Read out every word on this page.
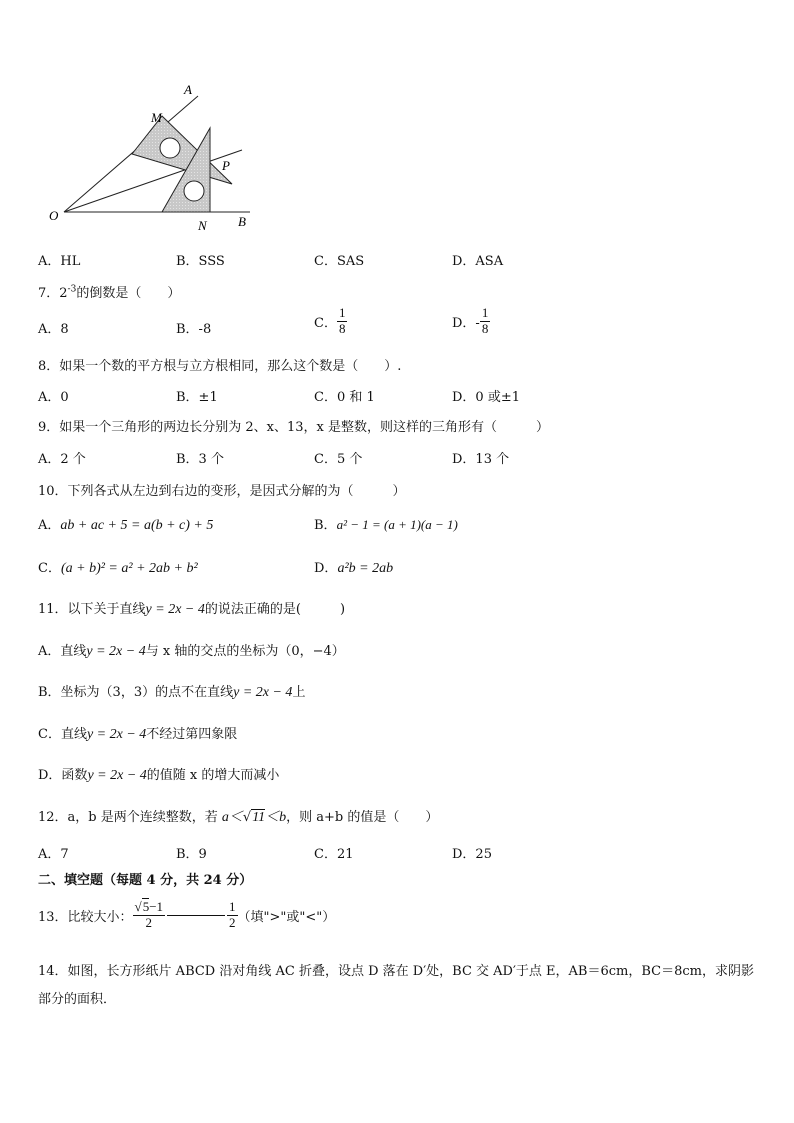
A
M
P
O
N B
A．HL	B．SSS	C．SAS	D．ASA
7．$2^{-3}$的倒数是（　　）
A．8	B．-8	C． $\frac{1}{8}$	D．- $\frac{1}{8}$
8．如果一个数的平方根与立方根相同，那么这个数是（　　）.
A．0	B．±1	C．0 和 1	D．0 或±1
9．如果一个三角形的两边长分别为 2、x、13，x 是整数，则这样的三角形有（　　　）
A．2 个	B．3 个	C．5 个	D．13 个
10．下列各式从左边到右边的变形，是因式分解的为（　　　）
A．ab + ac + 5 = a(b + c) + 5	B．a² − 1 = (a + 1)(a − 1)
C．(a + b)² = a² + 2ab + b²	D．a²b = 2ab
11．以下关于直线y = 2x − 4的说法正确的是(　　　)
A．直线y = 2x − 4与 x 轴的交点的坐标为（0，−4）
B．坐标为（3，3）的点不在直线y = 2x − 4上
C．直线y = 2x − 4不经过第四象限
D．函数y = 2x − 4的值随 x 的增大而减小
12．a，b 是两个连续整数，若 a＜√11＜b，则 a+b 的值是（　　）
A．7	B．9	C．21	D．25
二、填空题（每题 4 分，共 24 分）
13．比较大小： $\frac{√5-1}{2}$	$\frac{1}{2}$ （填">"或"<"）
14．如图，长方形纸片 ABCD 沿对角线 AC 折叠，设点 D 落在 D′处，BC 交 AD′于点 E，AB＝6cm，BC＝8cm，求阴影
部分的面积．
